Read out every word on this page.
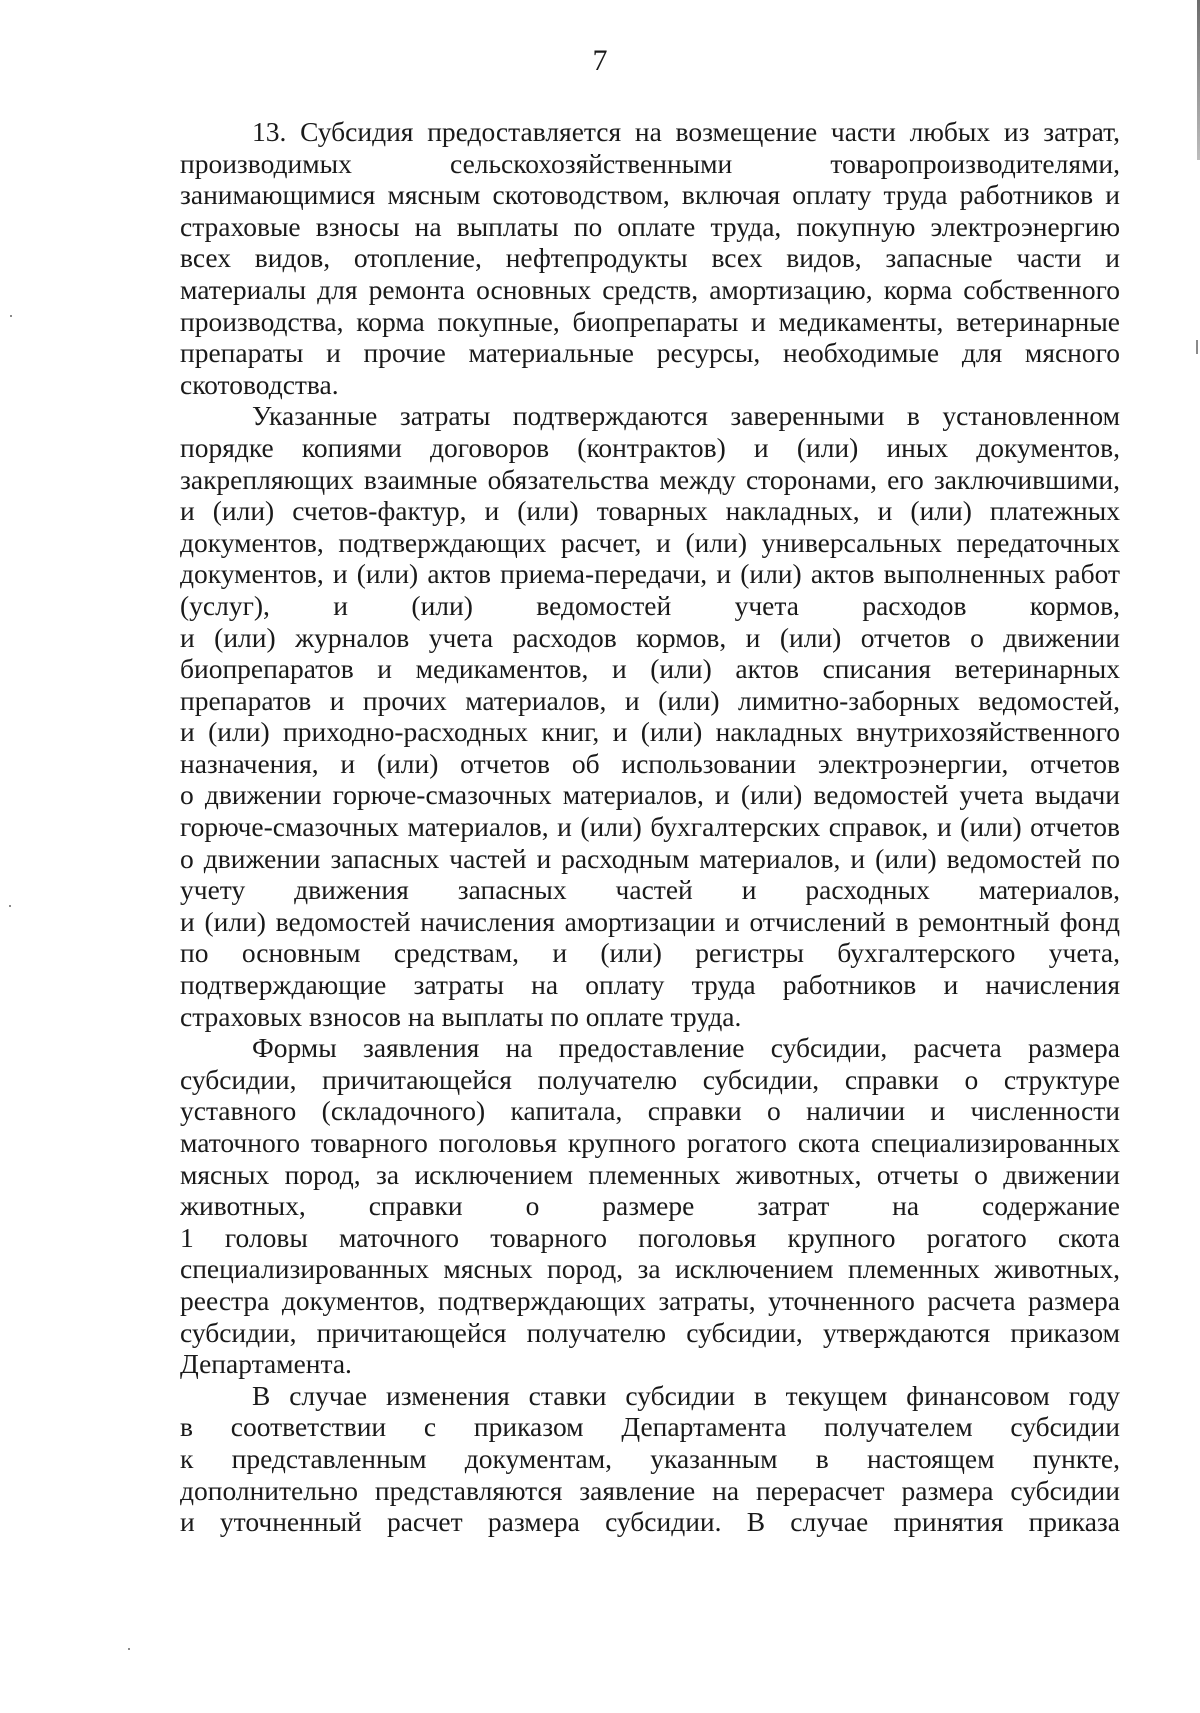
7

13. Субсидия предоставляется на возмещение части любых из затрат,
производимых сельскохозяйственными товаропроизводителями,
занимающимися мясным скотоводством, включая оплату труда работников и
страховые взносы на выплаты по оплате труда, покупную электроэнергию
всех видов, отопление, нефтепродукты всех видов, запасные части и
материалы для ремонта основных средств, амортизацию, корма собственного
производства, корма покупные, биопрепараты и медикаменты, ветеринарные
препараты и прочие материальные ресурсы, необходимые для мясного
скотоводства.

Указанные затраты подтверждаются заверенными в установленном
порядке копиями договоров (контрактов) и (или) иных документов,
закрепляющих взаимные обязательства между сторонами, его заключившими,
и (или) счетов-фактур, и (или) товарных накладных, и (или) платежных
документов, подтверждающих расчет, и (или) универсальных передаточных
документов, и (или) актов приема-передачи, и (или) актов выполненных работ
(услуг), и (или) ведомостей учета расходов кормов,
и (или) журналов учета расходов кормов, и (или) отчетов о движении
биопрепаратов и медикаментов, и (или) актов списания ветеринарных
препаратов и прочих материалов, и (или) лимитно-заборных ведомостей,
и (или) приходно-расходных книг, и (или) накладных внутрихозяйственного
назначения, и (или) отчетов об использовании электроэнергии, отчетов
о движении горюче-смазочных материалов, и (или) ведомостей учета выдачи
горюче-смазочных материалов, и (или) бухгалтерских справок, и (или) отчетов
о движении запасных частей и расходным материалов, и (или) ведомостей по
учету движения запасных частей и расходных материалов,
и (или) ведомостей начисления амортизации и отчислений в ремонтный фонд
по основным средствам, и (или) регистры бухгалтерского учета,
подтверждающие затраты на оплату труда работников и начисления
страховых взносов на выплаты по оплате труда.

Формы заявления на предоставление субсидии, расчета размера
субсидии, причитающейся получателю субсидии, справки о структуре
уставного (складочного) капитала, справки о наличии и численности
маточного товарного поголовья крупного рогатого скота специализированных
мясных пород, за исключением племенных животных, отчеты о движении
животных, справки о размере затрат на содержание
1 головы маточного товарного поголовья крупного рогатого скота
специализированных мясных пород, за исключением племенных животных,
реестра документов, подтверждающих затраты, уточненного расчета размера
субсидии, причитающейся получателю субсидии, утверждаются приказом
Департамента.

В случае изменения ставки субсидии в текущем финансовом году
в соответствии с приказом Департамента получателем субсидии
к представленным документам, указанным в настоящем пункте,
дополнительно представляются заявление на перерасчет размера субсидии
и уточненный расчет размера субсидии. В случае принятия приказа
